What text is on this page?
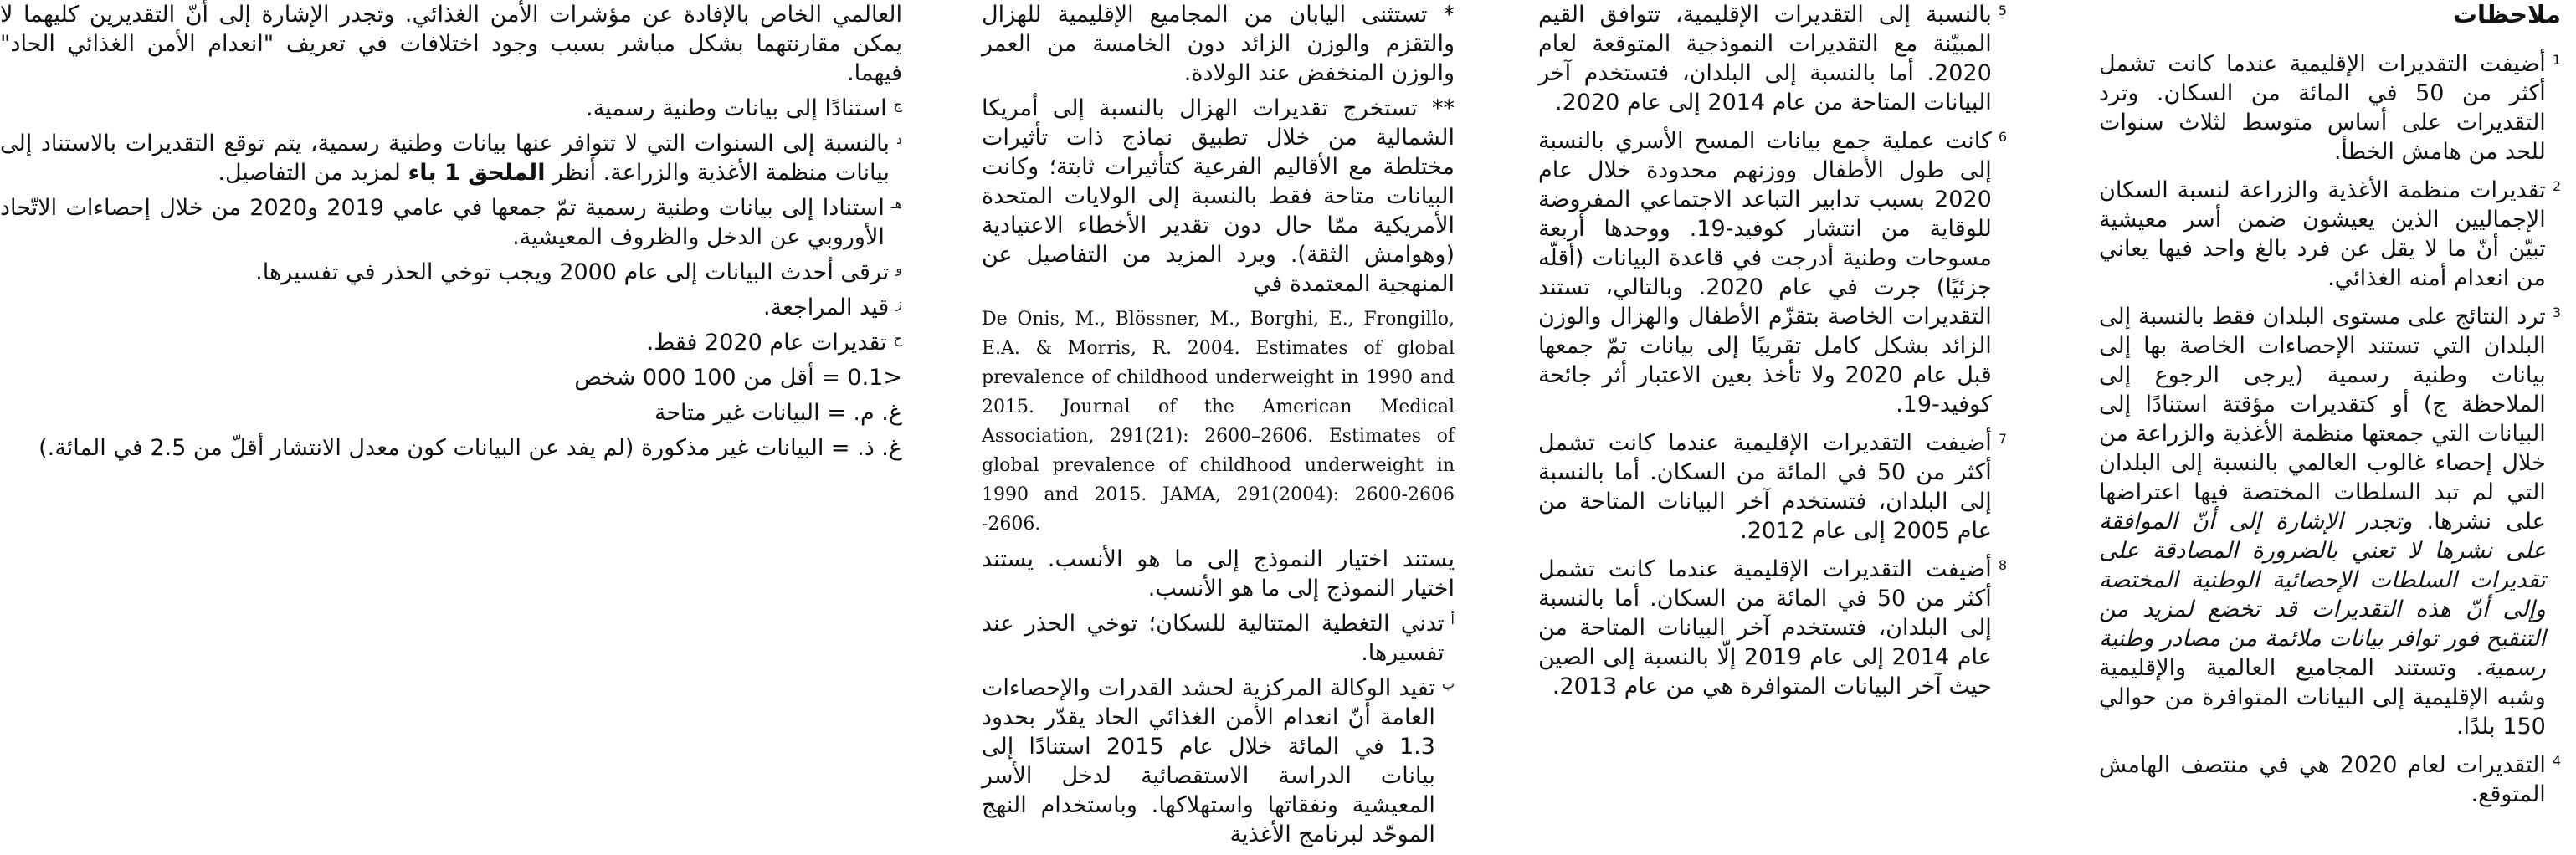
ملاحظات
1

أضيفت التقديرات الإقليمية عندما كانت تشمل أكثر من 50 في المائة من السكان. وترد التقديرات على أساس متوسط لثلاث سنوات للحد من هامش الخطأ.

2

تقديرات منظمة الأغذية والزراعة لنسبة السكان الإجماليين الذين يعيشون ضمن أسر معيشية تبيّن أنّ ما لا يقل عن فرد بالغ واحد فيها يعاني من انعدام أمنه الغذائي.

3

ترد النتائج على مستوى البلدان فقط بالنسبة إلى البلدان التي تستند الإحصاءات الخاصة بها إلى بيانات وطنية رسمية (يرجى الرجوع إلى الملاحظة ج) أو كتقديرات مؤقتة استنادًا إلى البيانات التي جمعتها منظمة الأغذية والزراعة من خلال إحصاء غالوب العالمي بالنسبة إلى البلدان التي لم تبد السلطات المختصة فيها اعتراضها على نشرها. وتجدر الإشارة إلى أنّ الموافقة على نشرها لا تعني بالضرورة المصادقة على تقديرات السلطات الإحصائية الوطنية المختصة وإلى أنّ هذه التقديرات قد تخضع لمزيد من التنقيح فور توافر بيانات ملائمة من مصادر وطنية رسمية. وتستند المجاميع العالمية والإقليمية وشبه الإقليمية إلى البيانات المتوافرة من حوالي 150 بلدًا.

4

التقديرات لعام 2020 هي في منتصف الهامش المتوقع.

5

بالنسبة إلى التقديرات الإقليمية، تتوافق القيم المبيّنة مع التقديرات النموذجية المتوقعة لعام 2020. أما بالنسبة إلى البلدان، فتستخدم آخر البيانات المتاحة من عام 2014 إلى عام 2020.

6

كانت عملية جمع بيانات المسح الأسري بالنسبة إلى طول الأطفال ووزنهم محدودة خلال عام 2020 بسبب تدابير التباعد الاجتماعي المفروضة للوقاية من انتشار كوفيد-19. ووحدها أربعة مسوحات وطنية أدرجت في قاعدة البيانات (أقلّه جزئيًا) جرت في عام 2020. وبالتالي، تستند التقديرات الخاصة بتقزّم الأطفال والهزال والوزن الزائد بشكل كامل تقريبًا إلى بيانات تمّ جمعها قبل عام 2020 ولا تأخذ بعين الاعتبار أثر جائحة كوفيد-19.

7

أضيفت التقديرات الإقليمية عندما كانت تشمل أكثر من 50 في المائة من السكان. أما بالنسبة إلى البلدان، فتستخدم آخر البيانات المتاحة من عام 2005 إلى عام 2012.

8

أضيفت التقديرات الإقليمية عندما كانت تشمل أكثر من 50 في المائة من السكان. أما بالنسبة إلى البلدان، فتستخدم آخر البيانات المتاحة من عام 2014 إلى عام 2019 إلّا بالنسبة إلى الصين حيث آخر البيانات المتوافرة هي من عام 2013.

* تستثنى اليابان من المجاميع الإقليمية للهزال والتقزم والوزن الزائد دون الخامسة من العمر والوزن المنخفض عند الولادة.

** تستخرج تقديرات الهزال بالنسبة إلى أمريكا الشمالية من خلال تطبيق نماذج ذات تأثيرات مختلطة مع الأقاليم الفرعية كتأثيرات ثابتة؛ وكانت البيانات متاحة فقط بالنسبة إلى الولايات المتحدة الأمريكية ممّا حال دون تقدير الأخطاء الاعتيادية (وهوامش الثقة). ويرد المزيد من التفاصيل عن المنهجية المعتمدة في

De Onis, M., Blössner, M., Borghi, E., Frongillo, E.A. & Morris, R. 2004. Estimates of global prevalence of childhood underweight in 1990 and 2015. Journal of the American Medical Association, 291(21): 2600–2606. Estimates of global prevalence of childhood underweight in 1990 and 2015. JAMA, 291(2004): 2600-2606 -2606.

يستند اختيار النموذج إلى ما هو الأنسب. يستند اختيار النموذج إلى ما هو الأنسب.

أ

تدني التغطية المتتالية للسكان؛ توخي الحذر عند تفسيرها.

ب

تفيد الوكالة المركزية لحشد القدرات والإحصاءات العامة أنّ انعدام الأمن الغذائي الحاد يقدّر بحدود 1.3 في المائة خلال عام 2015 استنادًا إلى بيانات الدراسة الاستقصائية لدخل الأسر المعيشية ونفقاتها واستهلاكها. وباستخدام النهج الموحّد لبرنامج الأغذية

العالمي الخاص بالإفادة عن مؤشرات الأمن الغذائي. وتجدر الإشارة إلى أنّ التقديرين كليهما لا يمكن مقارنتهما بشكل مباشر بسبب وجود اختلافات في تعريف "انعدام الأمن الغذائي الحاد" فيهما.

ج

استنادًا إلى بيانات وطنية رسمية.

د

بالنسبة إلى السنوات التي لا تتوافر عنها بيانات وطنية رسمية، يتم توقع التقديرات بالاستناد إلى بيانات منظمة الأغذية والزراعة. أنظر الملحق 1 باء لمزيد من التفاصيل.

هـ

استنادا إلى بيانات وطنية رسمية تمّ جمعها في عامي 2019 و2020 من خلال إحصاءات الاتّحاد الأوروبي عن الدخل والظروف المعيشية.

و

ترقى أحدث البيانات إلى عام 2000 ويجب توخي الحذر في تفسيرها.

ز

قيد المراجعة.

ح

تقديرات عام 2020 فقط.

<0.1 = أقل من 100 000 شخص

غ. م. = البيانات غير متاحة

غ. ذ. = البيانات غير مذكورة (لم يفد عن البيانات كون معدل الانتشار أقلّ من 2.5 في المائة.)
